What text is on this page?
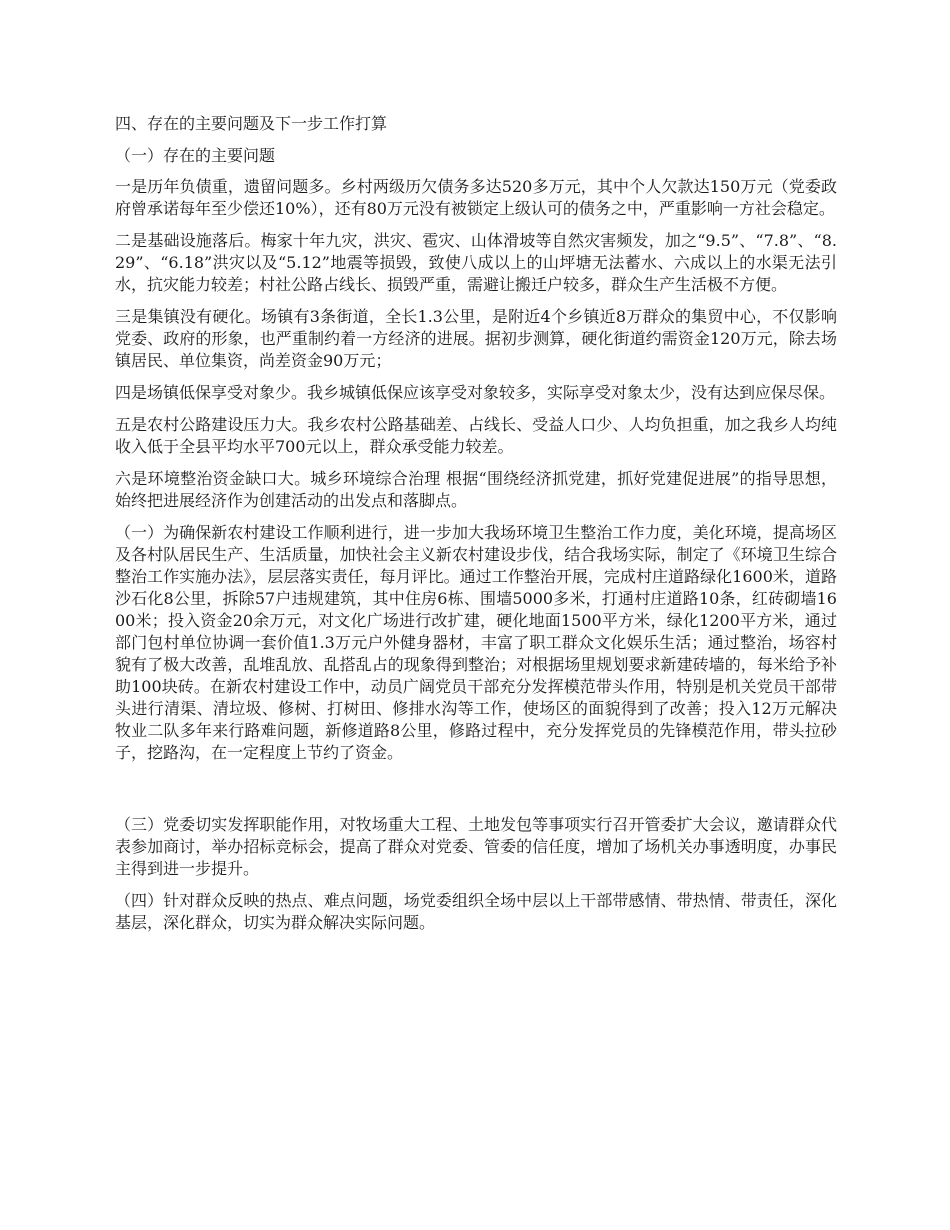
四、存在的主要问题及下一步工作打算
（一）存在的主要问题

一是历年负债重，遗留问题多。乡村两级历欠债务多达520多万元，其中个人欠款达150万元（党委政府曾承诺每年至少偿还10%），还有80万元没有被锁定上级认可的债务之中，严重影响一方社会稳定。

二是基础设施落后。梅家十年九灾，洪灾、雹灾、山体滑坡等自然灾害频发，加之“9.5”、“7.8”、“8.29”、“6.18”洪灾以及“5.12”地震等损毁，致使八成以上的山坪塘无法蓄水、六成以上的水渠无法引水，抗灾能力较差；村社公路占线长、损毁严重，需避让搬迁户较多，群众生产生活极不方便。

三是集镇没有硬化。场镇有3条街道，全长1.3公里，是附近4个乡镇近8万群众的集贸中心，不仅影响党委、政府的形象，也严重制约着一方经济的进展。据初步测算，硬化街道约需资金120万元，除去场镇居民、单位集资，尚差资金90万元；

四是场镇低保享受对象少。我乡城镇低保应该享受对象较多，实际享受对象太少，没有达到应保尽保。

五是农村公路建设压力大。我乡农村公路基础差、占线长、受益人口少、人均负担重，加之我乡人均纯收入低于全县平均水平700元以上，群众承受能力较差。

六是环境整治资金缺口大。城乡环境综合治理 根据“围绕经济抓党建，抓好党建促进展”的指导思想，始终把进展经济作为创建活动的出发点和落脚点。

（一）为确保新农村建设工作顺利进行，进一步加大我场环境卫生整治工作力度，美化环境，提高场区及各村队居民生产、生活质量，加快社会主义新农村建设步伐，结合我场实际，制定了《环境卫生综合整治工作实施办法》，层层落实责任，每月评比。通过工作整治开展，完成村庄道路绿化1600米，道路沙石化8公里，拆除57户违规建筑，其中住房6栋、围墙5000多米，打通村庄道路10条，红砖砌墙1600米；投入资金20余万元，对文化广场进行改扩建，硬化地面1500平方米，绿化1200平方米，通过部门包村单位协调一套价值1.3万元户外健身器材，丰富了职工群众文化娱乐生活；通过整治，场容村貌有了极大改善，乱堆乱放、乱搭乱占的现象得到整治；对根据场里规划要求新建砖墙的，每米给予补助100块砖。在新农村建设工作中，动员广阔党员干部充分发挥模范带头作用，特别是机关党员干部带头进行清渠、清垃圾、修树、打树田、修排水沟等工作，使场区的面貌得到了改善；投入12万元解决牧业二队多年来行路难问题，新修道路8公里，修路过程中，充分发挥党员的先锋模范作用，带头拉砂子，挖路沟，在一定程度上节约了资金。

（三）党委切实发挥职能作用，对牧场重大工程、土地发包等事项实行召开管委扩大会议，邀请群众代表参加商讨，举办招标竞标会，提高了群众对党委、管委的信任度，增加了场机关办事透明度，办事民主得到进一步提升。

（四）针对群众反映的热点、难点问题，场党委组织全场中层以上干部带感情、带热情、带责任，深化基层，深化群众，切实为群众解决实际问题。
